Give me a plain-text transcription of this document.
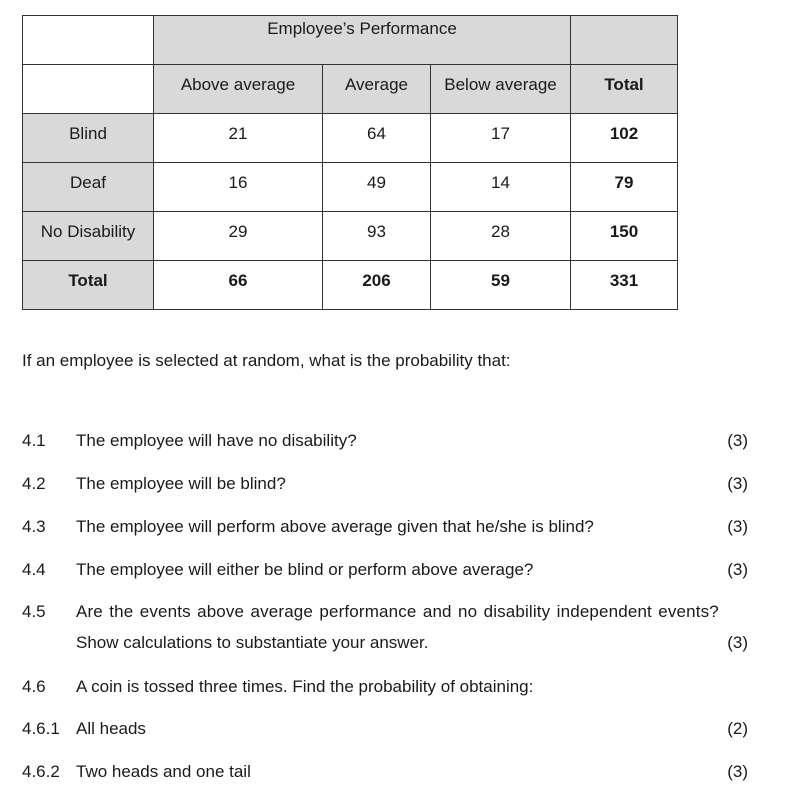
	Employee’s Performance			
	Above average	Average	Below average	Total
Blind	21	64	17	102
Deaf	16	49	14	79
No Disability	29	93	28	150
Total	66	206	59	331
If an employee is selected at random, what is the probability that:
4.1 The employee will have no disability?	(3)
4.2 The employee will be blind?	(3)
4.3 The employee will perform above average given that he/she is blind?	(3)
4.4 The employee will either be blind or perform above average?	(3)
4.5 Are the events above average performance and no disability independent events?
Show calculations to substantiate your answer.	(3)
4.6 A coin is tossed three times. Find the probability of obtaining:
4.6.1 All heads	(2)
4.6.2 Two heads and one tail	(3)
